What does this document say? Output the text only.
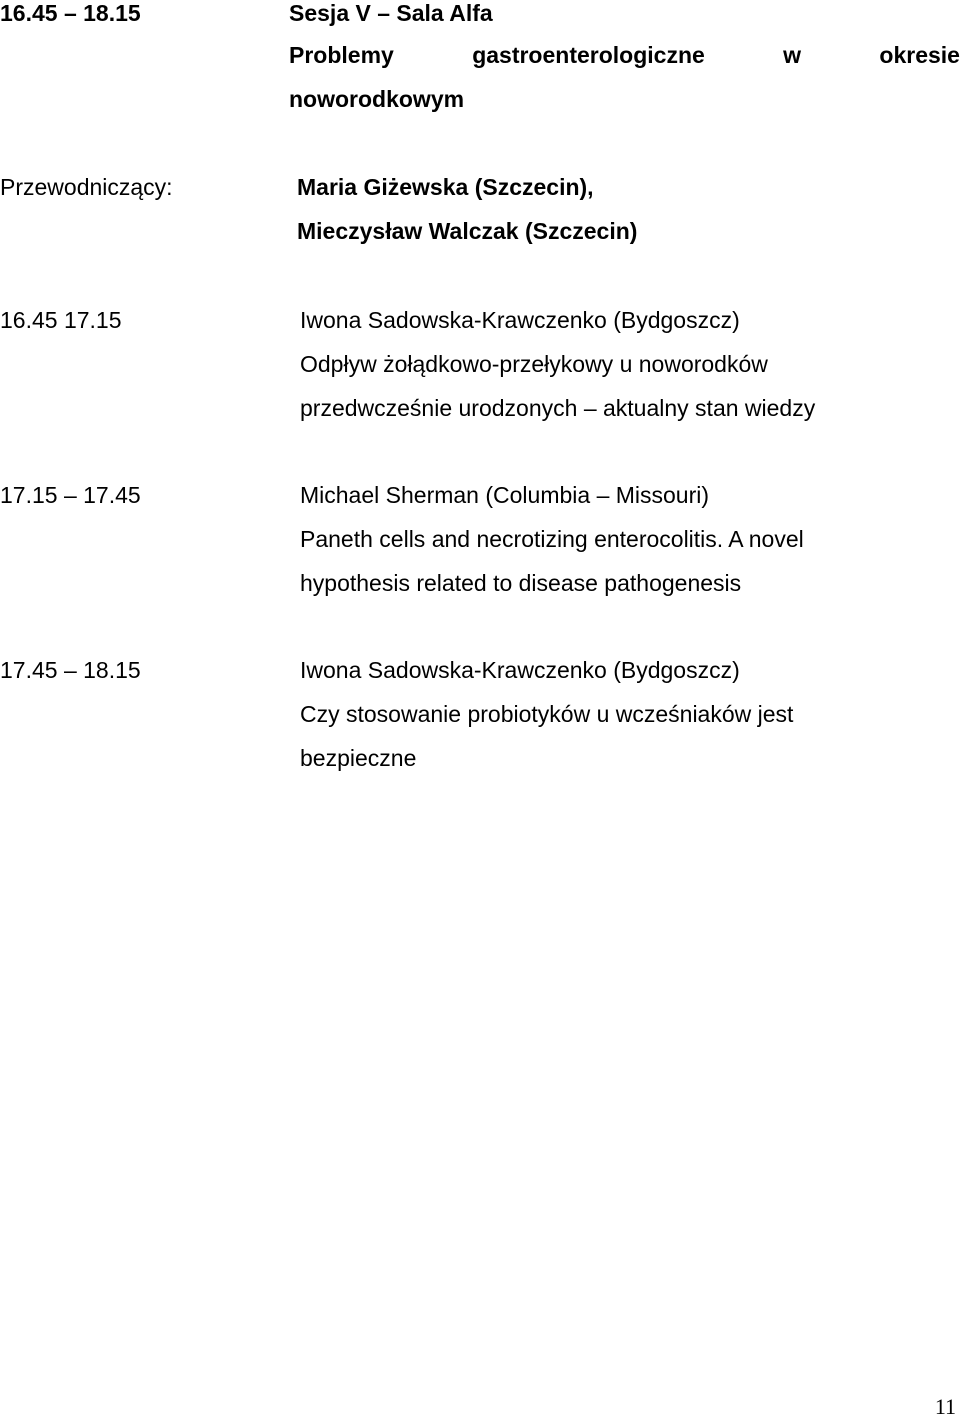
16.45 – 18.15	Sesja V – Sala Alfa
Problemy	gastroenterologiczne	w	okresie
noworodkowym
Przewodniczący:	Maria Giżewska (Szczecin),
Mieczysław Walczak (Szczecin)
16.45 17.15	Iwona Sadowska-Krawczenko (Bydgoszcz)
Odpływ żołądkowo-przełykowy u noworodków
przedwcześnie urodzonych – aktualny stan wiedzy
17.15 – 17.45	Michael Sherman (Columbia – Missouri)
Paneth cells and necrotizing enterocolitis. A novel
hypothesis related to disease pathogenesis
17.45 – 18.15	Iwona Sadowska-Krawczenko (Bydgoszcz)
Czy stosowanie probiotyków u wcześniaków jest
bezpieczne
11
